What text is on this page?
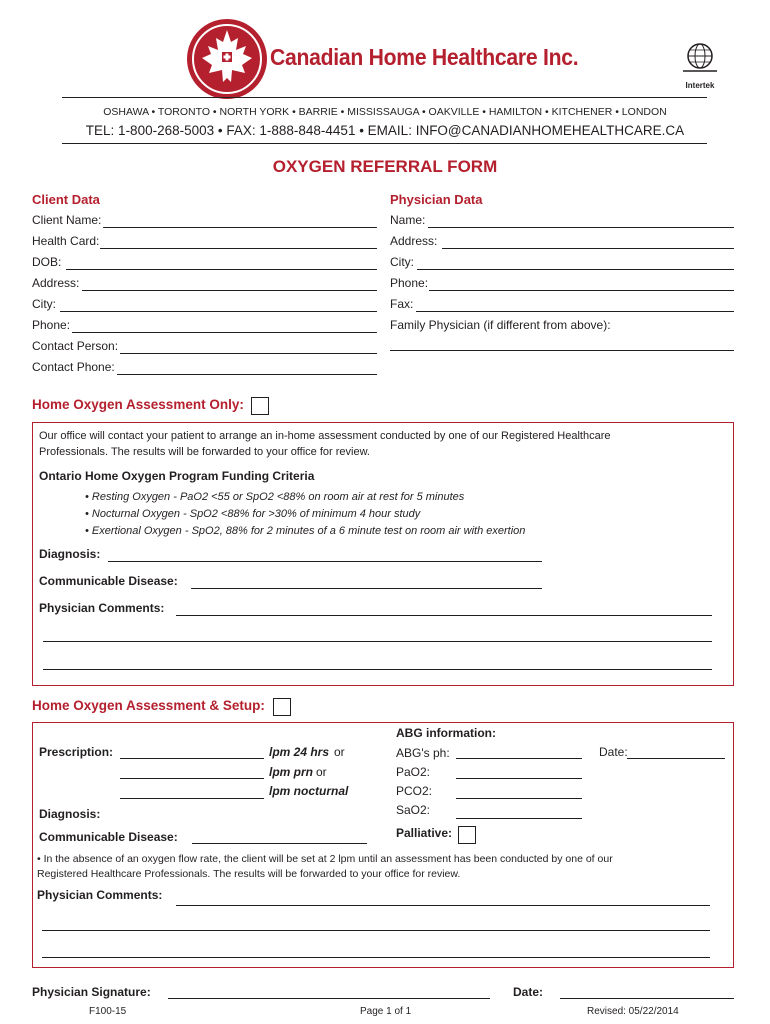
Canadian Home Healthcare Inc.
Intertek
OSHAWA • TORONTO • NORTH YORK • BARRIE • MISSISSAUGA • OAKVILLE • HAMILTON • KITCHENER • LONDON
TEL: 1-800-268-5003 • FAX: 1-888-848-4451 • EMAIL: INFO@CANADIANHOMEHEALTHCARE.CA
OXYGEN REFERRAL FORM
Client Data	Physician Data
Client Name:
Health Card:
DOB:
Address:
City:
Phone:
Contact Person:
Contact Phone:
Name:
Address:
City:
Phone:
Fax:
Family Physician (if different from above):
Home Oxygen Assessment Only:
Our office will contact your patient to arrange an in-home assessment conducted by one of our Registered Healthcare Professionals. The results will be forwarded to your office for review.
Ontario Home Oxygen Program Funding Criteria
• Resting Oxygen - PaO2 <55 or SpO2 <88% on room air at rest for 5 minutes
• Nocturnal Oxygen - SpO2 <88% for >30% of minimum 4 hour study
• Exertional Oxygen - SpO2, 88% for 2 minutes of a 6 minute test on room air with exertion
Diagnosis:
Communicable Disease:
Physician Comments:
Home Oxygen Assessment & Setup:
Prescription:	lpm 24 hrs or
lpm prn or
lpm nocturnal
Diagnosis:
Communicable Disease:
ABG information:
ABG's ph:	Date:
PaO2:
PCO2:
SaO2:
Palliative:
• In the absence of an oxygen flow rate, the client will be set at 2 lpm until an assessment has been conducted by one of our Registered Healthcare Professionals. The results will be forwarded to your office for review.
Physician Comments:
Physician Signature:	Date:
F100-15	Page 1 of 1	Revised: 05/22/2014
